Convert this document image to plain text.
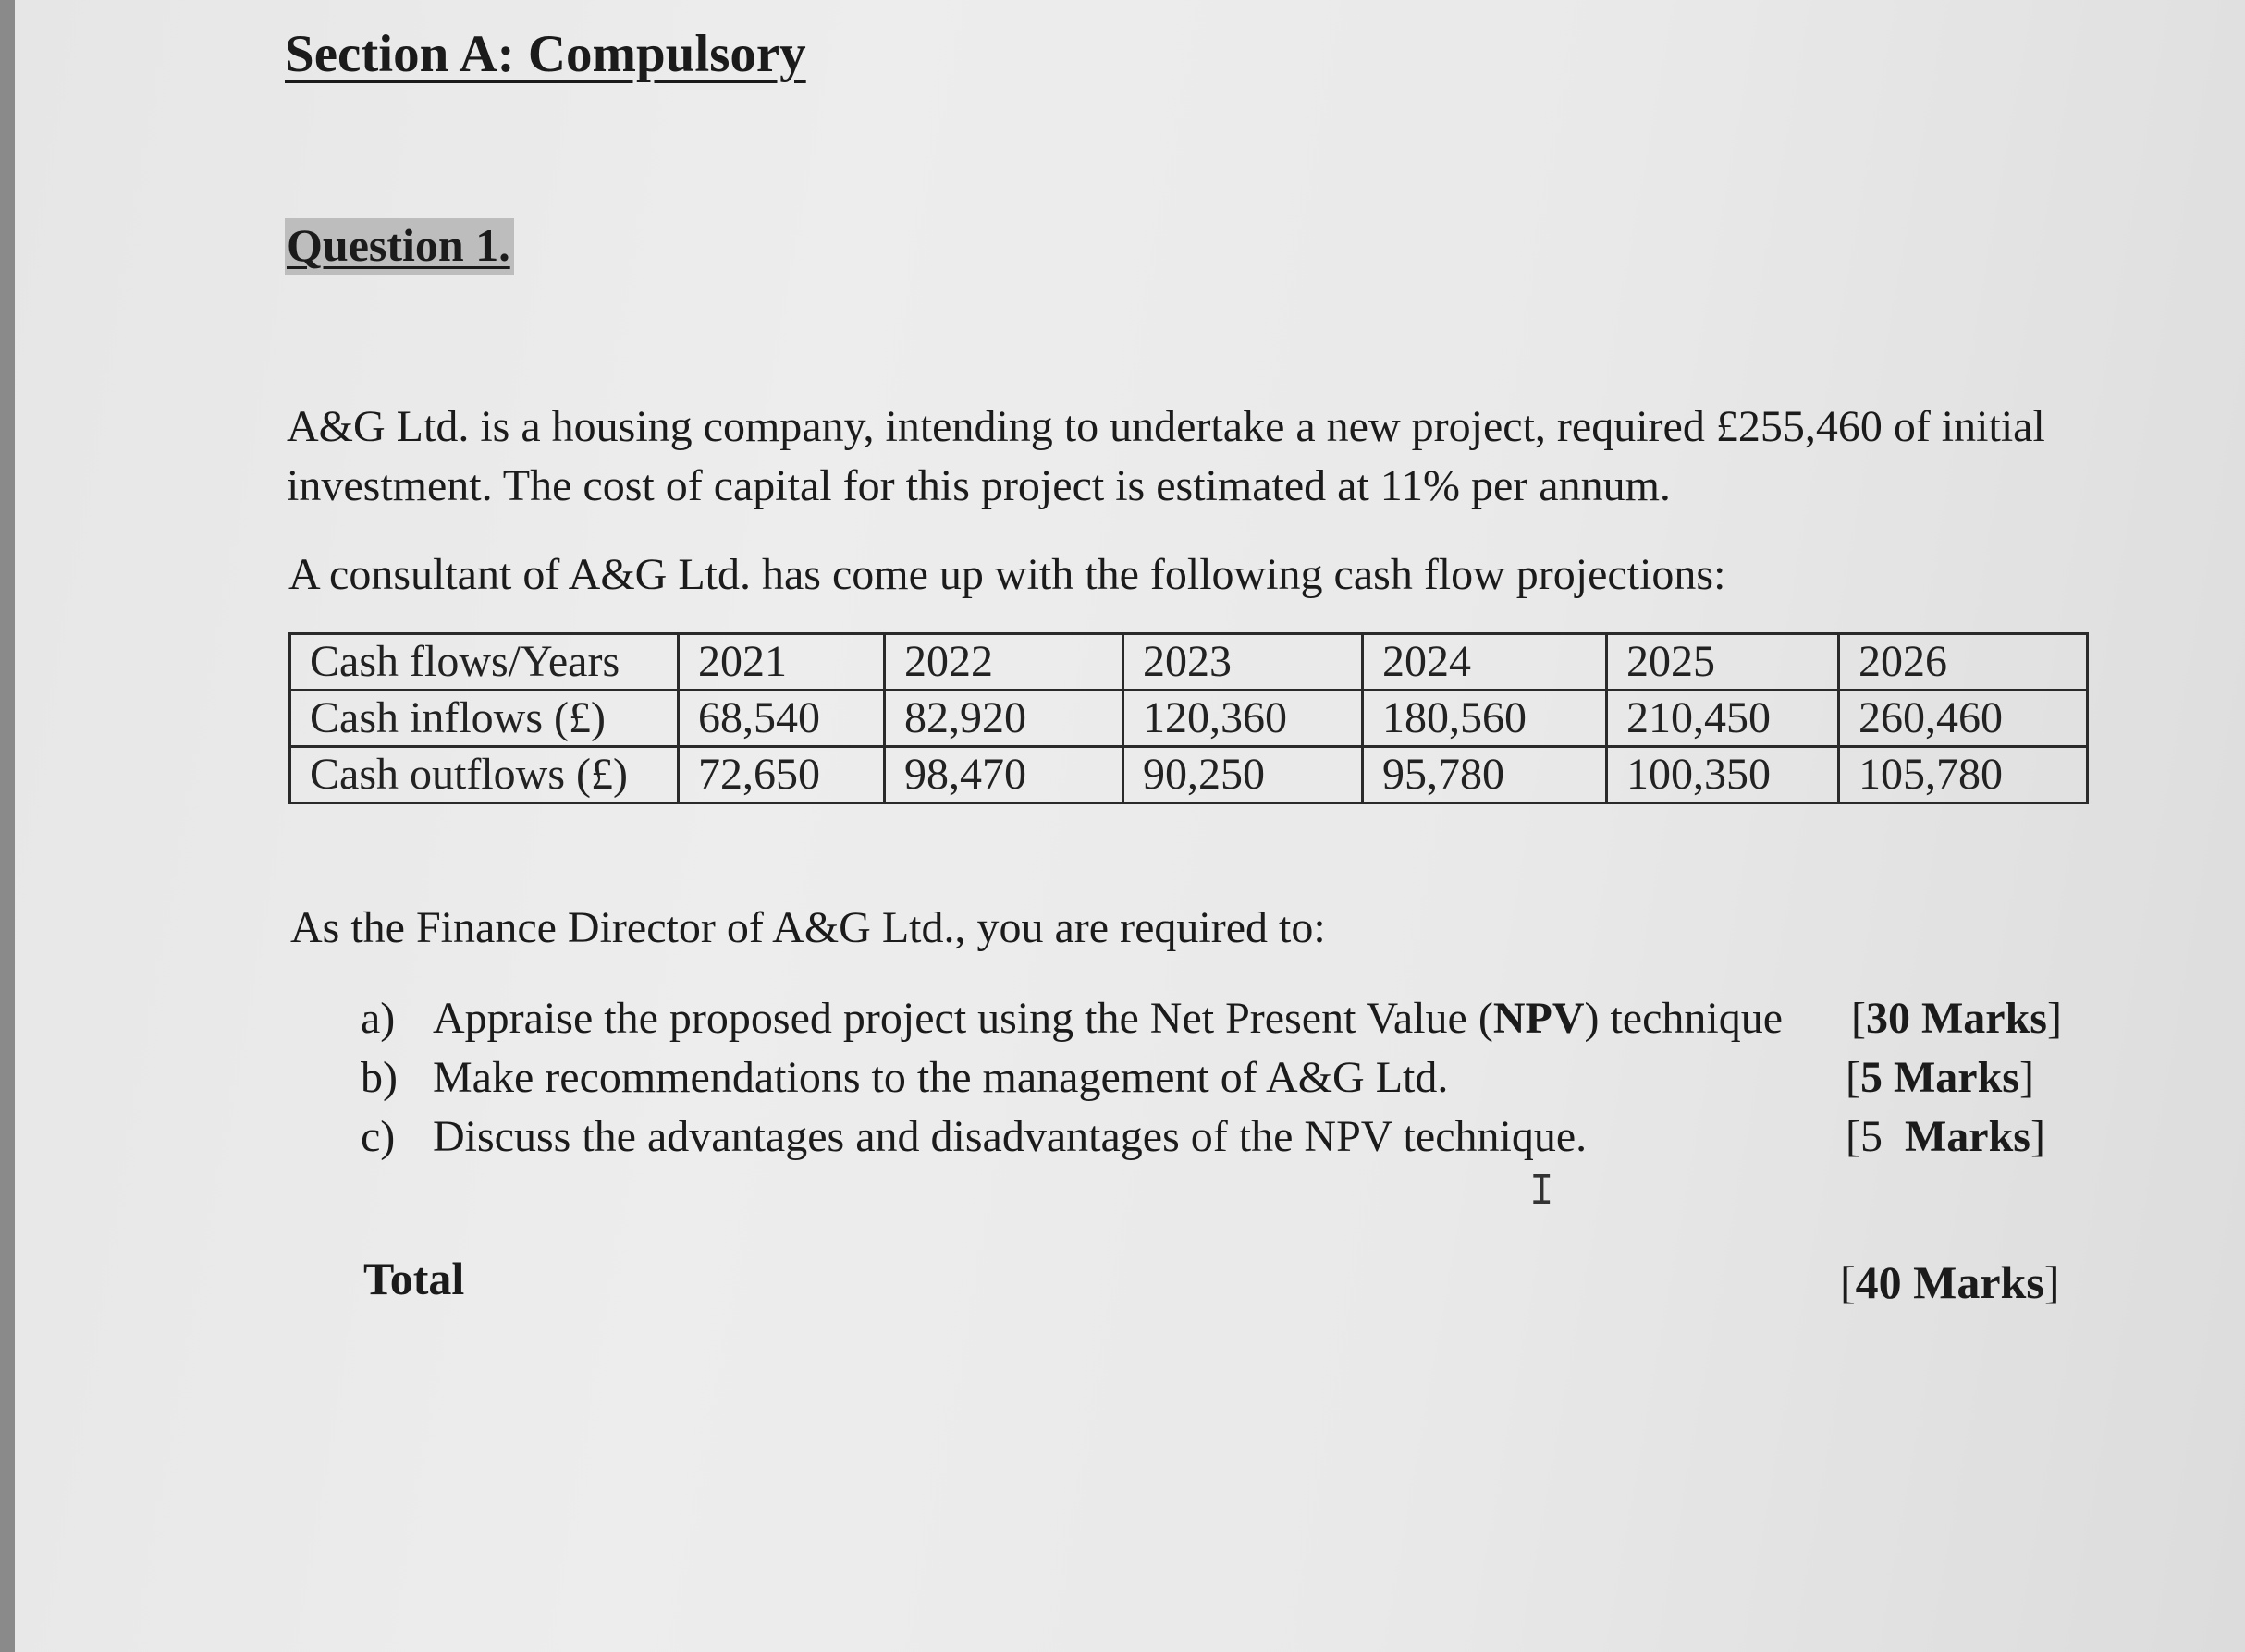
Section A: Compulsory
Question 1.

A&G Ltd. is a housing company, intending to undertake a new project, required £255,460 of initial investment. The cost of capital for this project is estimated at 11% per annum.

A consultant of A&G Ltd. has come up with the following cash flow projections:

Cash flows/Years	2021	2022	2023	2024	2025	2026
Cash inflows (£)	68,540	82,920	120,360	180,560	210,450	260,460
Cash outflows (£)	72,650	98,470	90,250	95,780	100,350	105,780

As the Finance Director of A&G Ltd., you are required to:

a) Appraise the proposed project using the Net Present Value (NPV) technique [30 Marks]
b) Make recommendations to the management of A&G Ltd.	[5 Marks]
c) Discuss the advantages and disadvantages of the NPV technique.	[5  Marks]
I

Total	[40 Marks]
